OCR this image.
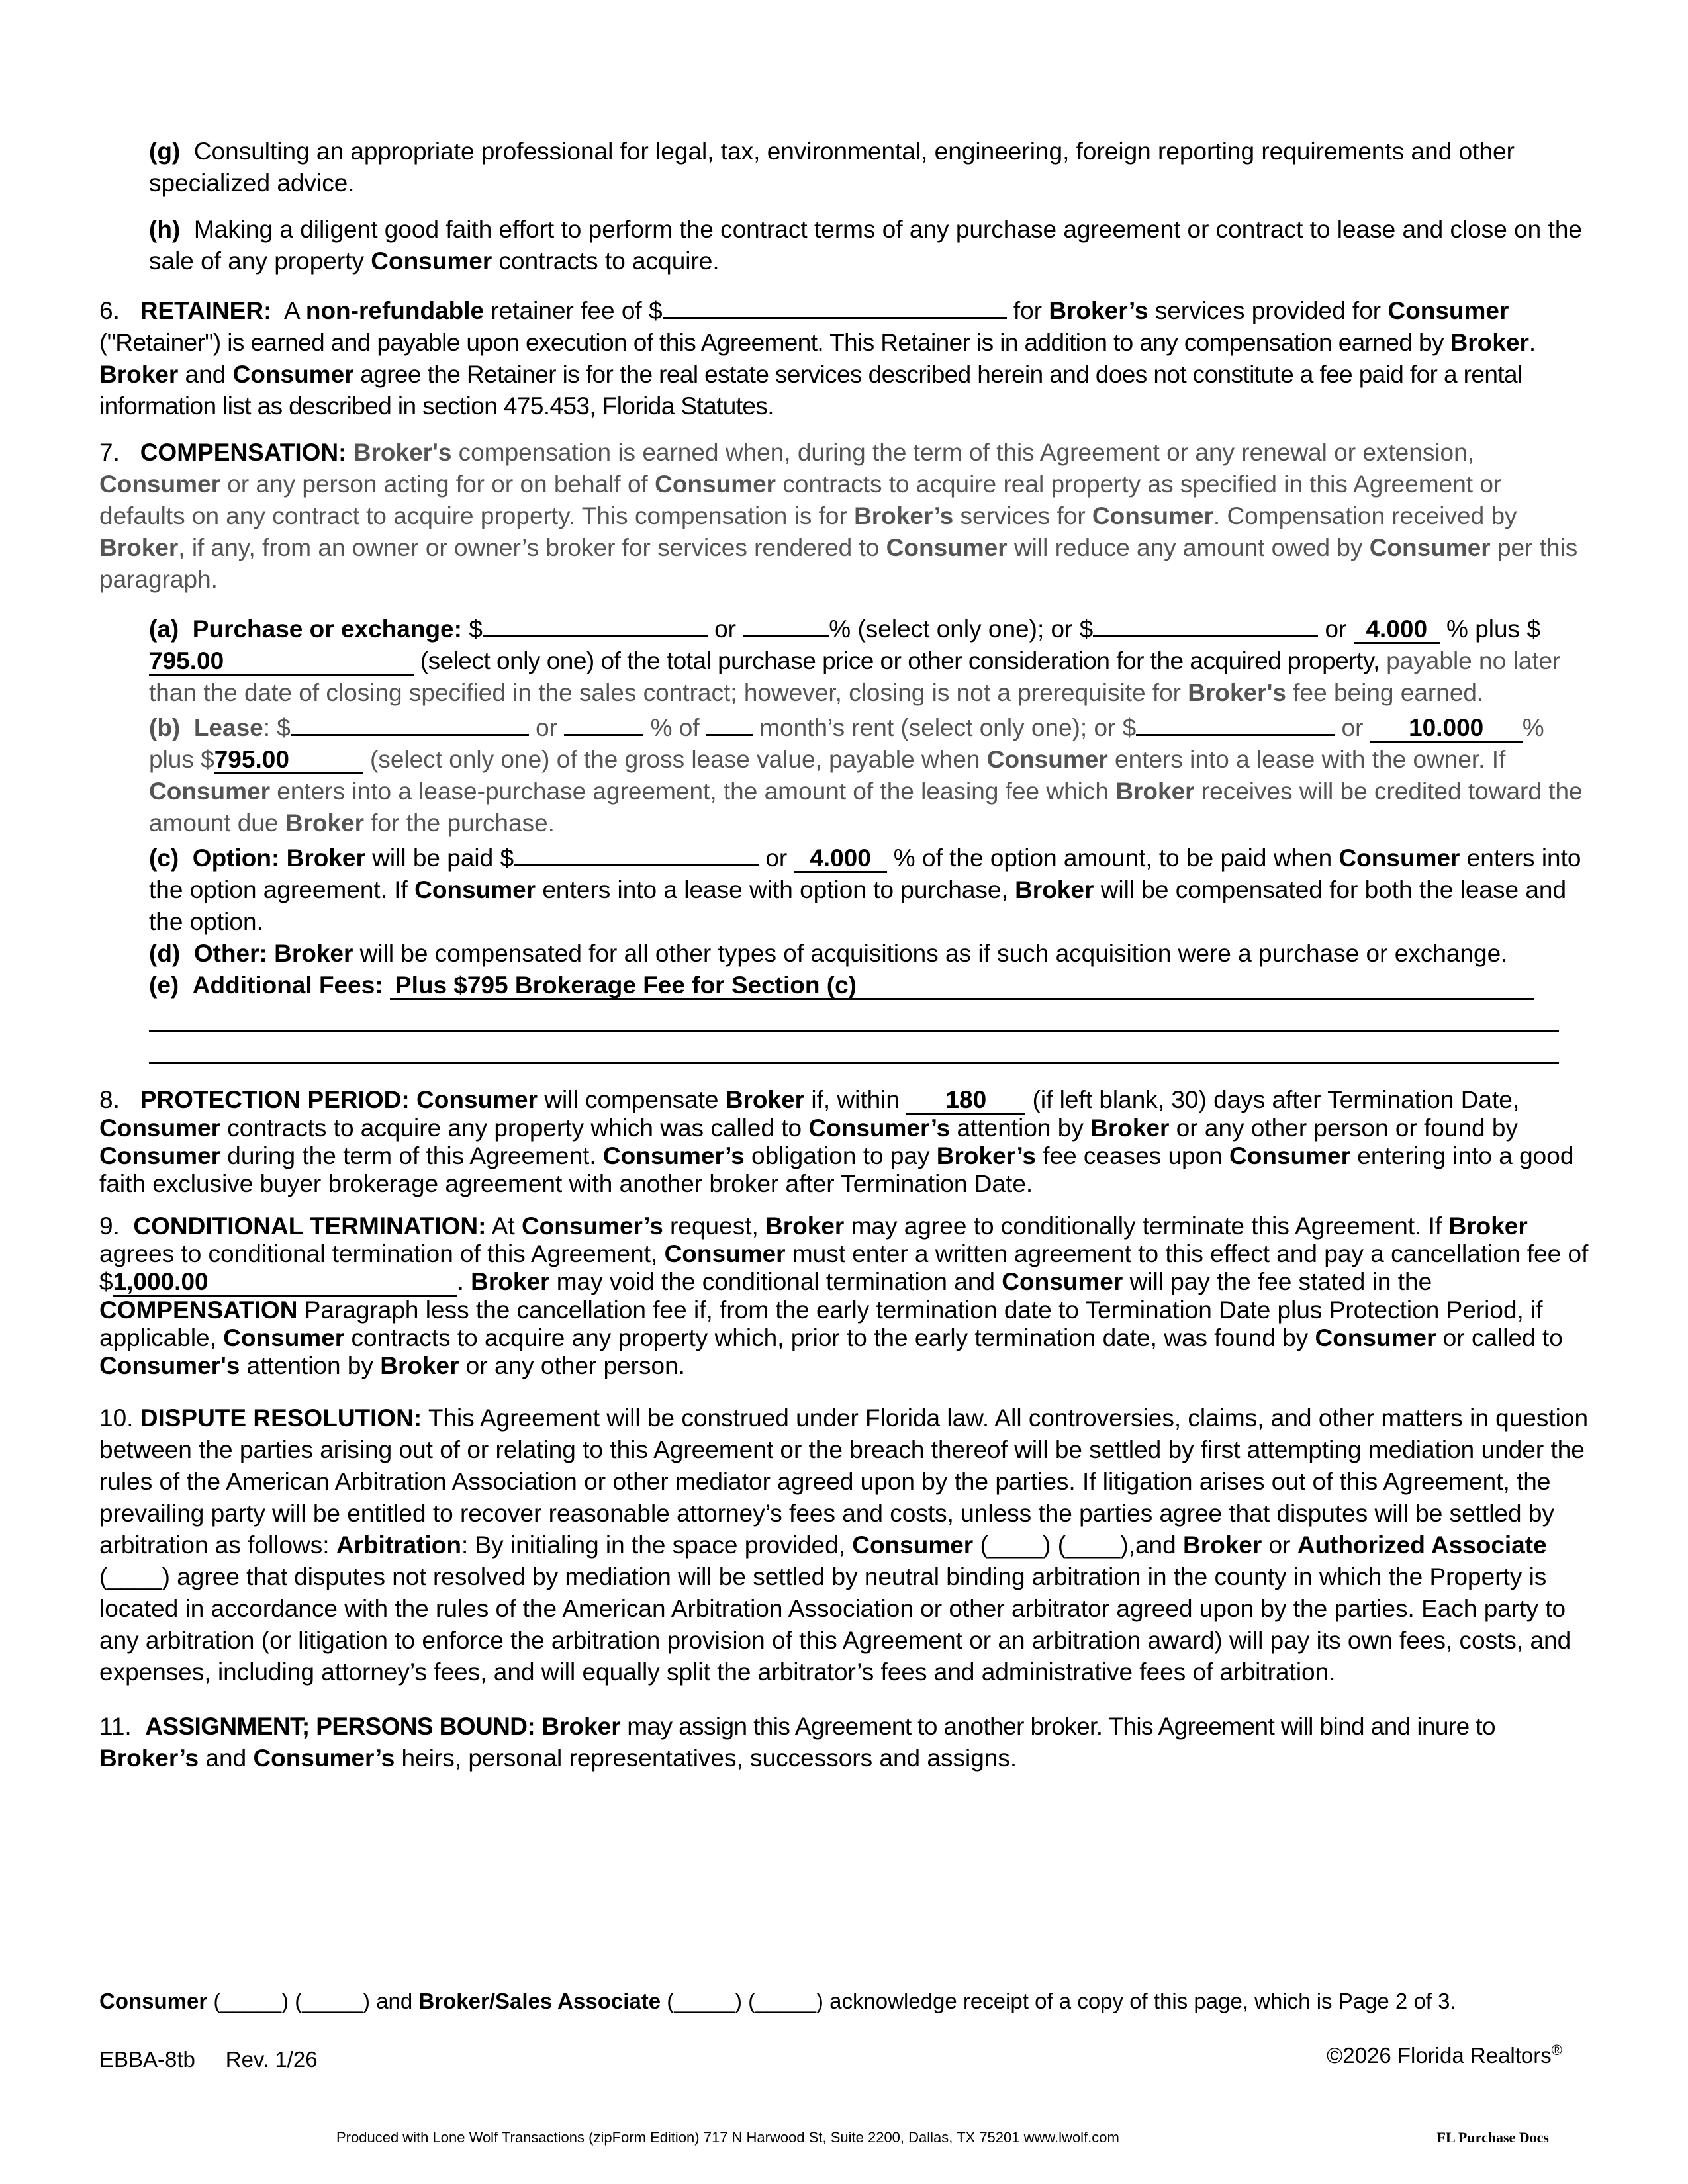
(g) Consulting an appropriate professional for legal, tax, environmental, engineering, foreign reporting requirements and other specialized advice.

(h) Making a diligent good faith effort to perform the contract terms of any purchase agreement or contract to lease and close on the sale of any property Consumer contracts to acquire.

6. RETAINER: A non-refundable retainer fee of $	for Broker’s services provided for Consumer ("Retainer") is earned and payable upon execution of this Agreement. This Retainer is in addition to any compensation earned by Broker. Broker and Consumer agree the Retainer is for the real estate services described herein and does not constitute a fee paid for a rental information list as described in section 475.453, Florida Statutes.

7. COMPENSATION: Broker's compensation is earned when, during the term of this Agreement or any renewal or extension, Consumer or any person acting for or on behalf of Consumer contracts to acquire real property as specified in this Agreement or defaults on any contract to acquire property. This compensation is for Broker’s services for Consumer. Compensation received by Broker, if any, from an owner or owner’s broker for services rendered to Consumer will reduce any amount owed by Consumer per this paragraph.

(a) Purchase or exchange: $	or	% (select only one); or $	or 4.000 % plus $795.00	(select only one) of the total purchase price or other consideration for the acquired property, payable no later than the date of closing specified in the sales contract; however, closing is not a prerequisite for Broker's fee being earned.

(b) Lease: $	or	% of  month’s rent (select only one); or $	or 10.000 % plus $795.00	(select only one) of the gross lease value, payable when Consumer enters into a lease with the owner. If Consumer enters into a lease-purchase agreement, the amount of the leasing fee which Broker receives will be credited toward the amount due Broker for the purchase.

(c) Option: Broker will be paid $	or 4.000 % of the option amount, to be paid when Consumer enters into the option agreement. If Consumer enters into a lease with option to purchase, Broker will be compensated for both the lease and the option.

(d) Other: Broker will be compensated for all other types of acquisitions as if such acquisition were a purchase or exchange.

(e) Additional Fees: Plus $795 Brokerage Fee for Section (c)

8. PROTECTION PERIOD: Consumer will compensate Broker if, within 180 (if left blank, 30) days after Termination Date, Consumer contracts to acquire any property which was called to Consumer’s attention by Broker or any other person or found by Consumer during the term of this Agreement. Consumer’s obligation to pay Broker’s fee ceases upon Consumer entering into a good faith exclusive buyer brokerage agreement with another broker after Termination Date.

9. CONDITIONAL TERMINATION: At Consumer’s request, Broker may agree to conditionally terminate this Agreement. If Broker agrees to conditional termination of this Agreement, Consumer must enter a written agreement to this effect and pay a cancellation fee of $1,000.00	. Broker may void the conditional termination and Consumer will pay the fee stated in the COMPENSATION Paragraph less the cancellation fee if, from the early termination date to Termination Date plus Protection Period, if applicable, Consumer contracts to acquire any property which, prior to the early termination date, was found by Consumer or called to Consumer's attention by Broker or any other person.

10. DISPUTE RESOLUTION: This Agreement will be construed under Florida law. All controversies, claims, and other matters in question between the parties arising out of or relating to this Agreement or the breach thereof will be settled by first attempting mediation under the rules of the American Arbitration Association or other mediator agreed upon by the parties. If litigation arises out of this Agreement, the prevailing party will be entitled to recover reasonable attorney’s fees and costs, unless the parties agree that disputes will be settled by arbitration as follows: Arbitration: By initialing in the space provided, Consumer (____) (____),and Broker or Authorized Associate (____) agree that disputes not resolved by mediation will be settled by neutral binding arbitration in the county in which the Property is located in accordance with the rules of the American Arbitration Association or other arbitrator agreed upon by the parties. Each party to any arbitration (or litigation to enforce the arbitration provision of this Agreement or an arbitration award) will pay its own fees, costs, and expenses, including attorney’s fees, and will equally split the arbitrator’s fees and administrative fees of arbitration.

11. ASSIGNMENT; PERSONS BOUND: Broker may assign this Agreement to another broker. This Agreement will bind and inure to Broker’s and Consumer’s heirs, personal representatives, successors and assigns.

Consumer (_____) (_____) and Broker/Sales Associate (_____) (_____) acknowledge receipt of a copy of this page, which is Page 2 of 3.
EBBA-8tb     Rev. 1/26	©2026 Florida Realtors®
Produced with Lone Wolf Transactions (zipForm Edition) 717 N Harwood St, Suite 2200, Dallas, TX 75201 www.lwolf.com	FL Purchase Docs
